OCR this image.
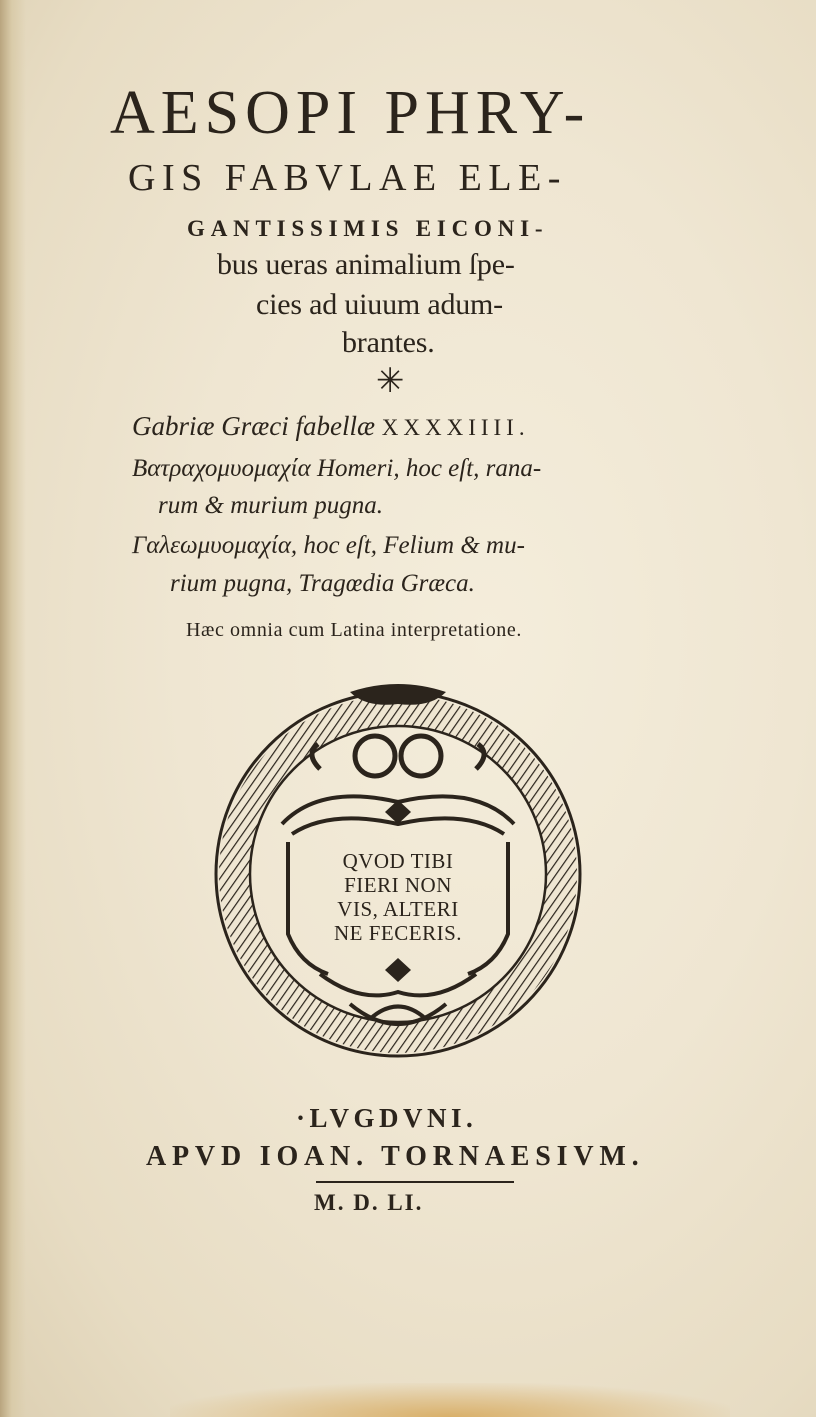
AESOPI PHRY-
GIS FABVLAE ELE-
GANTISSIMIS EICONI-
bus ueras animalium ſpe-
cies ad uiuum adum-
brantes.
✳
Gabriæ Græci fabellæ XXXXIIII.
Βατραχομυομαχία Homeri, hoc eſt, rana-
rum & murium pugna.
Γαλεωμυομαχία, hoc eſt, Felium & mu-
rium pugna, Tragœdia Græca.
Hæc omnia cum Latina interpretatione.
QVOD TIBI
FIERI NON
VIS, ALTERI
NE FECERIS.
·LVGDVNI.
APVD IOAN. TORNAESIVM.
M. D. LI.
